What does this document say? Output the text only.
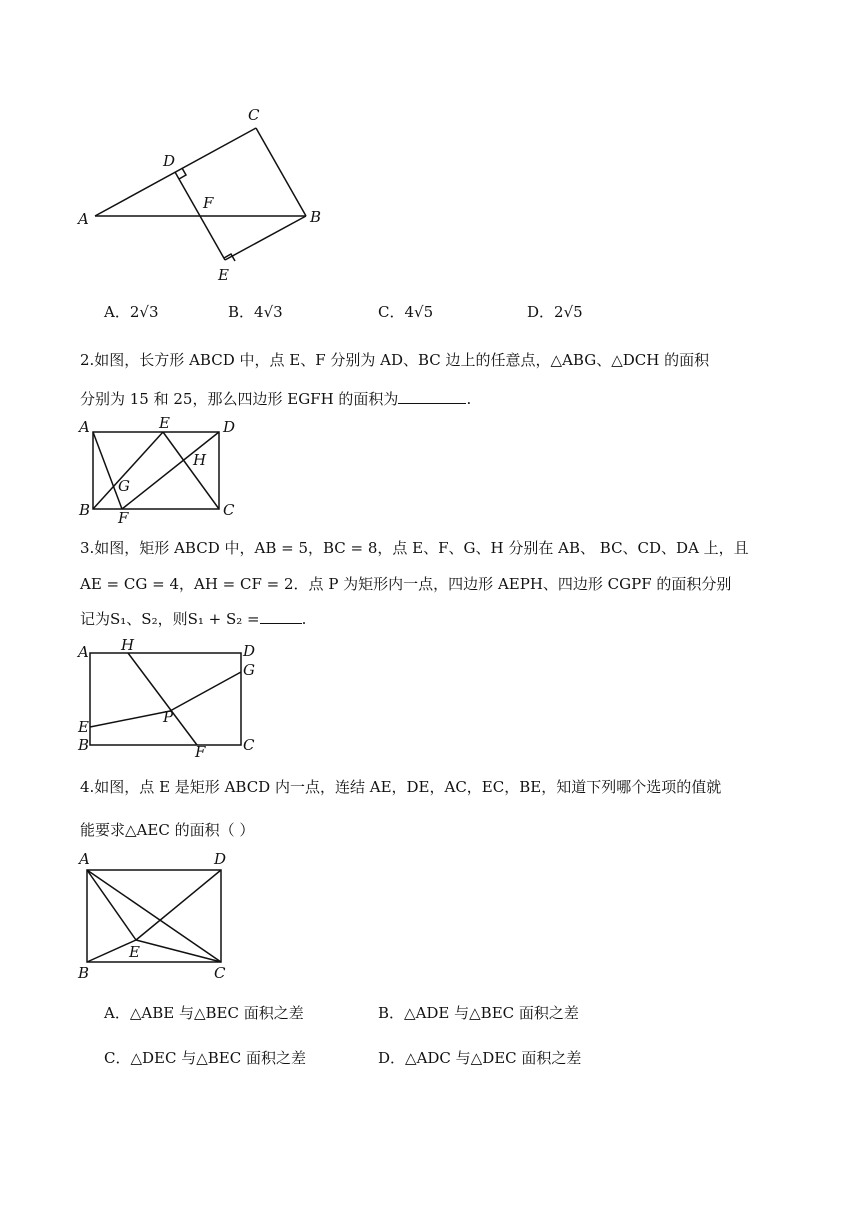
A	B
C
D
E
F
A．2√3	B．4√3	C．4√5	D．2√5
2.如图，长方形 ABCD 中，点 E、F 分别为 AD、BC 边上的任意点，△ABG、△DCH 的面积
分别为 15 和 25，那么四边形 EGFH 的面积为	.
A
B	C
D
E
F
G
H
3.如图，矩形 ABCD 中，AB = 5，BC = 8，点 E、F、G、H 分别在 AB、 BC、CD、DA 上，且
AE = CG = 4，AH = CF = 2．点 P 为矩形内一点，四边形 AEPH、四边形 CGPF 的面积分别
记为S₁、S₂，则S₁ + S₂ =	.
A
B	C
D
E
F
G
H
P
4.如图，点 E 是矩形 ABCD 内一点，连结 AE，DE，AC，EC，BE，知道下列哪个选项的值就
能要求△AEC 的面积（ ）
A
B	C
D
E
A．△ABE 与△BEC 面积之差	B．△ADE 与△BEC 面积之差
C．△DEC 与△BEC 面积之差	D．△ADC 与△DEC 面积之差
